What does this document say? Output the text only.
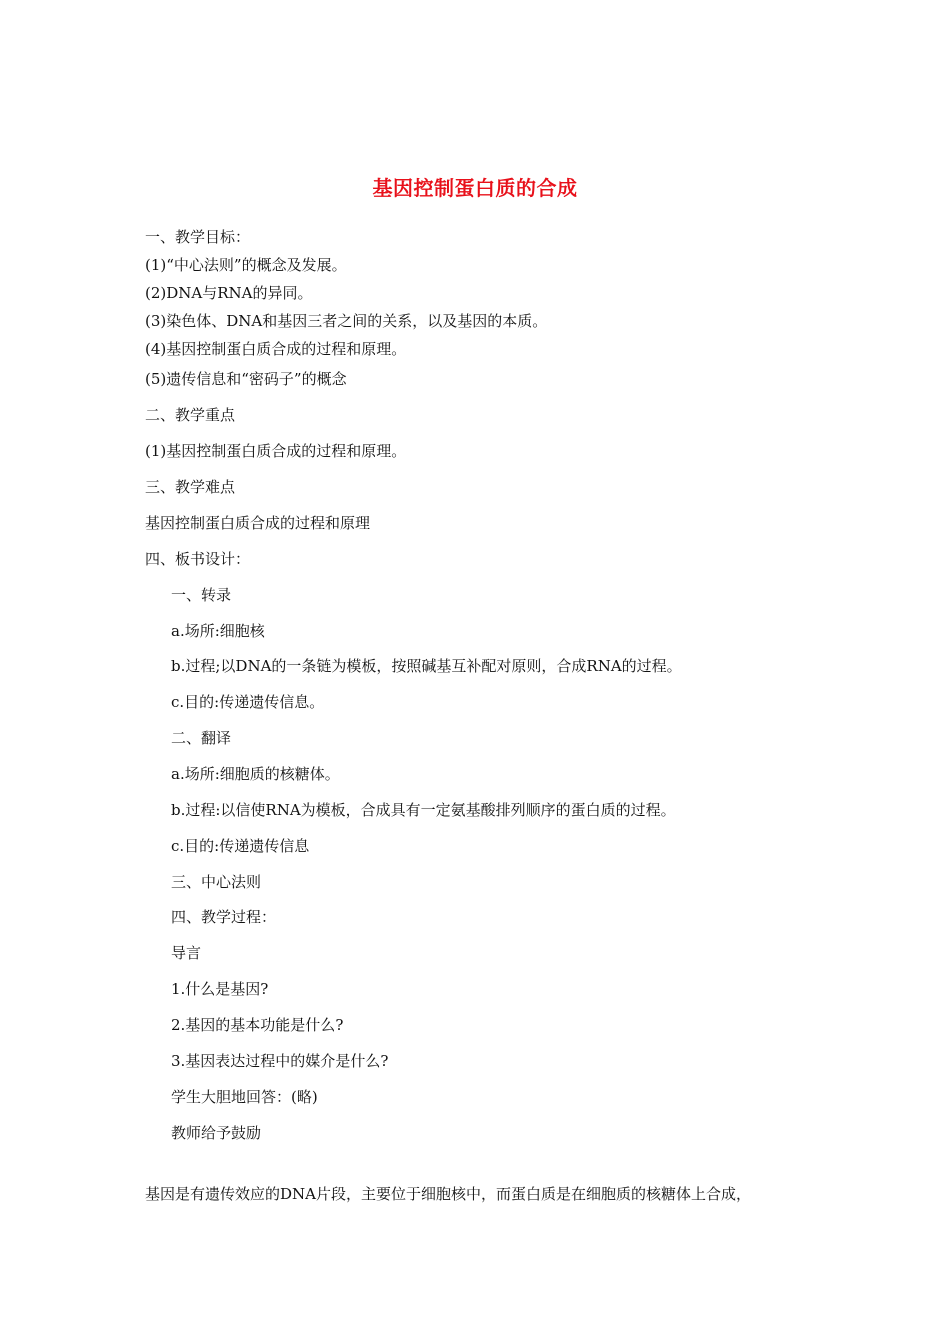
基因控制蛋白质的合成
一、教学目标：
(1)“中心法则”的概念及发展。
(2)DNA与RNA的异同。
(3)染色体、DNA和基因三者之间的关系，以及基因的本质。
(4)基因控制蛋白质合成的过程和原理。
(5)遗传信息和“密码子”的概念
二、教学重点
(1)基因控制蛋白质合成的过程和原理。
三、教学难点
基因控制蛋白质合成的过程和原理
四、板书设计：
一、转录
a.场所:细胞核
b.过程;以DNA的一条链为模板，按照碱基互补配对原则，合成RNA的过程。
c.目的:传递遗传信息。
二、翻译
a.场所:细胞质的核糖体。
b.过程:以信使RNA为模板，合成具有一定氨基酸排列顺序的蛋白质的过程。
c.目的:传递遗传信息
三、中心法则
四、教学过程：
导言
1.什么是基因?
2.基因的基本功能是什么?
3.基因表达过程中的媒介是什么?
学生大胆地回答：(略)
教师给予鼓励
基因是有遗传效应的DNA片段，主要位于细胞核中，而蛋白质是在细胞质的核糖体上合成，
